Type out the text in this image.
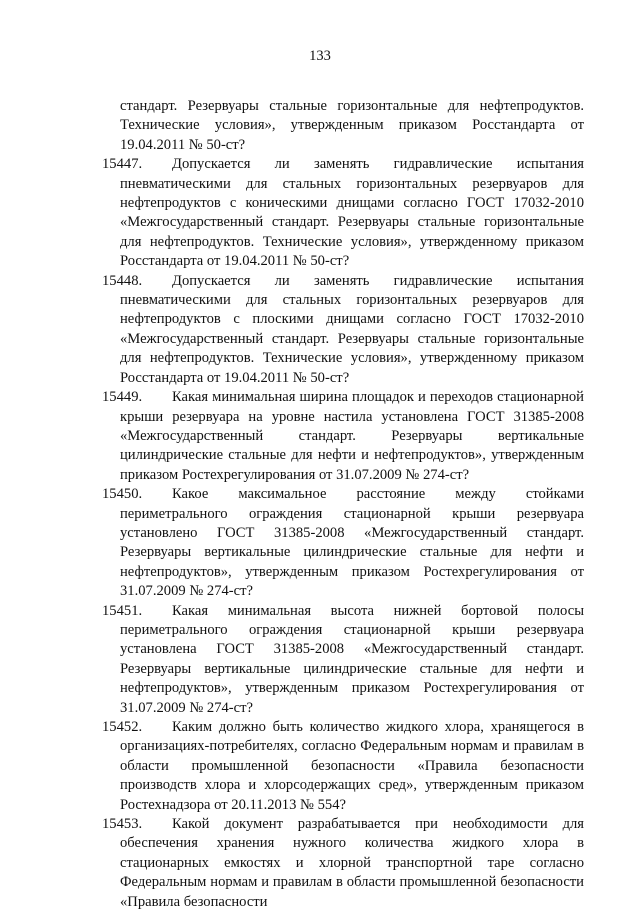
133

стандарт. Резервуары стальные горизонтальные для нефтепродуктов. Технические условия», утвержденным приказом Росстандарта от 19.04.2011 № 50-ст?

15447.	Допускается ли заменять гидравлические испытания пневматическими для стальных горизонтальных резервуаров для нефтепродуктов с коническими днищами согласно ГОСТ 17032-2010 «Межгосударственный стандарт. Резервуары стальные горизонтальные для нефтепродуктов. Технические условия», утвержденному приказом Росстандарта от 19.04.2011 № 50-ст?
15448.	Допускается ли заменять гидравлические испытания пневматическими для стальных горизонтальных резервуаров для нефтепродуктов с плоскими днищами согласно ГОСТ 17032-2010 «Межгосударственный стандарт. Резервуары стальные горизонтальные для нефтепродуктов. Технические условия», утвержденному приказом Росстандарта от 19.04.2011 № 50-ст?
15449.	Какая минимальная ширина площадок и переходов стационарной крыши резервуара на уровне настила установлена ГОСТ 31385-2008 «Межгосударственный стандарт. Резервуары вертикальные цилиндрические стальные для нефти и нефтепродуктов», утвержденным приказом Ростехрегулирования от 31.07.2009 № 274-ст?
15450.	Какое максимальное расстояние между стойками периметрального ограждения стационарной крыши резервуара установлено ГОСТ 31385-2008 «Межгосударственный стандарт. Резервуары вертикальные цилиндрические стальные для нефти и нефтепродуктов», утвержденным приказом Ростехрегулирования от 31.07.2009 № 274-ст?
15451.	Какая минимальная высота нижней бортовой полосы периметрального ограждения стационарной крыши резервуара установлена ГОСТ 31385-2008 «Межгосударственный стандарт. Резервуары вертикальные цилиндрические стальные для нефти и нефтепродуктов», утвержденным приказом Ростехрегулирования от 31.07.2009 № 274-ст?
15452.	Каким должно быть количество жидкого хлора, хранящегося в организациях-потребителях, согласно Федеральным нормам и правилам в области промышленной безопасности «Правила безопасности производств хлора и хлорсодержащих сред», утвержденным приказом Ростехнадзора от 20.11.2013 № 554?
15453.	Какой документ разрабатывается при необходимости для обеспечения хранения нужного количества жидкого хлора в стационарных емкостях и хлорной транспортной таре согласно Федеральным нормам и правилам в области промышленной безопасности «Правила безопасности
